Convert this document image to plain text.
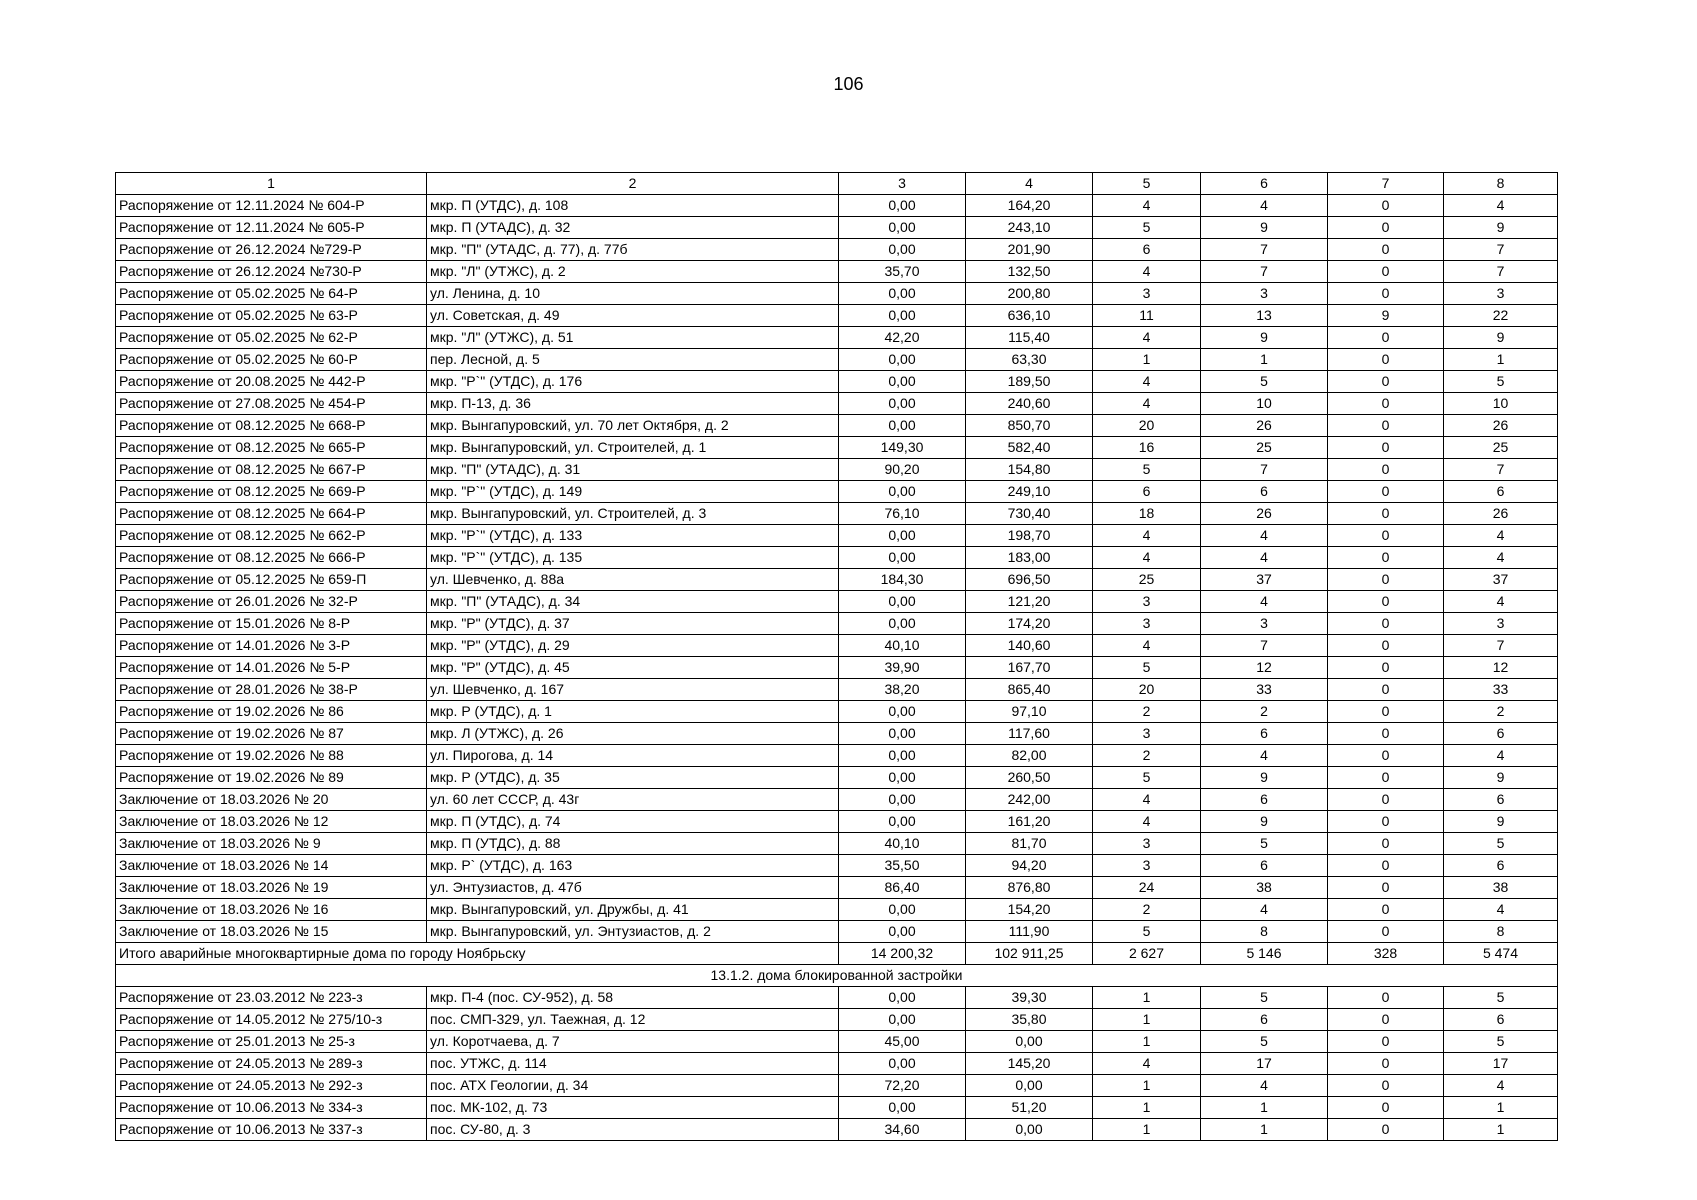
106
1	2	3	4	5	6	7	8
Распоряжение от 12.11.2024 № 604-Р	мкр. П (УТДС), д. 108	0,00	164,20	4	4	0	4
Распоряжение от 12.11.2024 № 605-Р	мкр. П (УТАДС), д. 32	0,00	243,10	5	9	0	9
Распоряжение от 26.12.2024 №729-Р	мкр. "П" (УТАДС, д. 77), д. 77б	0,00	201,90	6	7	0	7
Распоряжение от 26.12.2024 №730-Р	мкр. "Л" (УТЖС), д. 2	35,70	132,50	4	7	0	7
Распоряжение от 05.02.2025 № 64-Р	ул. Ленина, д. 10	0,00	200,80	3	3	0	3
Распоряжение от 05.02.2025 № 63-Р	ул. Советская, д. 49	0,00	636,10	11	13	9	22
Распоряжение от 05.02.2025 № 62-Р	мкр. "Л" (УТЖС), д. 51	42,20	115,40	4	9	0	9
Распоряжение от 05.02.2025 № 60-Р	пер. Лесной, д. 5	0,00	63,30	1	1	0	1
Распоряжение от 20.08.2025 № 442-Р	мкр. "Р`" (УТДС), д. 176	0,00	189,50	4	5	0	5
Распоряжение от 27.08.2025 № 454-Р	мкр. П-13, д. 36	0,00	240,60	4	10	0	10
Распоряжение от 08.12.2025 № 668-Р	мкр. Вынгапуровский, ул. 70 лет Октября, д. 2	0,00	850,70	20	26	0	26
Распоряжение от 08.12.2025 № 665-Р	мкр. Вынгапуровский, ул. Строителей, д. 1	149,30	582,40	16	25	0	25
Распоряжение от 08.12.2025 № 667-Р	мкр. "П" (УТАДС), д. 31	90,20	154,80	5	7	0	7
Распоряжение от 08.12.2025 № 669-Р	мкр. "Р`" (УТДС), д. 149	0,00	249,10	6	6	0	6
Распоряжение от 08.12.2025 № 664-Р	мкр. Вынгапуровский, ул. Строителей, д. 3	76,10	730,40	18	26	0	26
Распоряжение от 08.12.2025 № 662-Р	мкр. "Р`" (УТДС), д. 133	0,00	198,70	4	4	0	4
Распоряжение от 08.12.2025 № 666-Р	мкр. "Р`" (УТДС), д. 135	0,00	183,00	4	4	0	4
Распоряжение от 05.12.2025 № 659-П	ул. Шевченко, д. 88а	184,30	696,50	25	37	0	37
Распоряжение от 26.01.2026 № 32-Р	мкр. "П" (УТАДС), д. 34	0,00	121,20	3	4	0	4
Распоряжение от 15.01.2026 № 8-Р	мкр. "Р" (УТДС), д. 37	0,00	174,20	3	3	0	3
Распоряжение от 14.01.2026 № 3-Р	мкр. "Р" (УТДС), д. 29	40,10	140,60	4	7	0	7
Распоряжение от 14.01.2026 № 5-Р	мкр. "Р" (УТДС), д. 45	39,90	167,70	5	12	0	12
Распоряжение от 28.01.2026 № 38-Р	ул. Шевченко, д. 167	38,20	865,40	20	33	0	33
Распоряжение от 19.02.2026 № 86	мкр. Р (УТДС), д. 1	0,00	97,10	2	2	0	2
Распоряжение от 19.02.2026 № 87	мкр. Л (УТЖС), д. 26	0,00	117,60	3	6	0	6
Распоряжение от 19.02.2026 № 88	ул. Пирогова, д. 14	0,00	82,00	2	4	0	4
Распоряжение от 19.02.2026 № 89	мкр. Р (УТДС), д. 35	0,00	260,50	5	9	0	9
Заключение от 18.03.2026 № 20	ул. 60 лет СССР, д. 43г	0,00	242,00	4	6	0	6
Заключение от 18.03.2026 № 12	мкр. П (УТДС), д. 74	0,00	161,20	4	9	0	9
Заключение от 18.03.2026 № 9	мкр. П (УТДС), д. 88	40,10	81,70	3	5	0	5
Заключение от 18.03.2026 № 14	мкр. Р` (УТДС), д. 163	35,50	94,20	3	6	0	6
Заключение от 18.03.2026 № 19	ул. Энтузиастов, д. 47б	86,40	876,80	24	38	0	38
Заключение от 18.03.2026 № 16	мкр. Вынгапуровский, ул. Дружбы, д. 41	0,00	154,20	2	4	0	4
Заключение от 18.03.2026 № 15	мкр. Вынгапуровский, ул. Энтузиастов, д. 2	0,00	111,90	5	8	0	8
Итого аварийные многоквартирные дома по городу Ноябрьску		14 200,32	102 911,25	2 627	5 146	328	5 474
13.1.2. дома блокированной застройки							
Распоряжение от 23.03.2012 № 223-з	мкр. П-4 (пос. СУ-952), д. 58	0,00	39,30	1	5	0	5
Распоряжение от 14.05.2012 № 275/10-з	пос. СМП-329, ул. Таежная, д. 12	0,00	35,80	1	6	0	6
Распоряжение от 25.01.2013 № 25-з	ул. Коротчаева, д. 7	45,00	0,00	1	5	0	5
Распоряжение от 24.05.2013 № 289-з	пос. УТЖС, д. 114	0,00	145,20	4	17	0	17
Распоряжение от 24.05.2013 № 292-з	пос. АТХ Геологии, д. 34	72,20	0,00	1	4	0	4
Распоряжение от 10.06.2013 № 334-з	пос. МК-102, д. 73	0,00	51,20	1	1	0	1
Распоряжение от 10.06.2013 № 337-з	пос. СУ-80, д. 3	34,60	0,00	1	1	0	1
